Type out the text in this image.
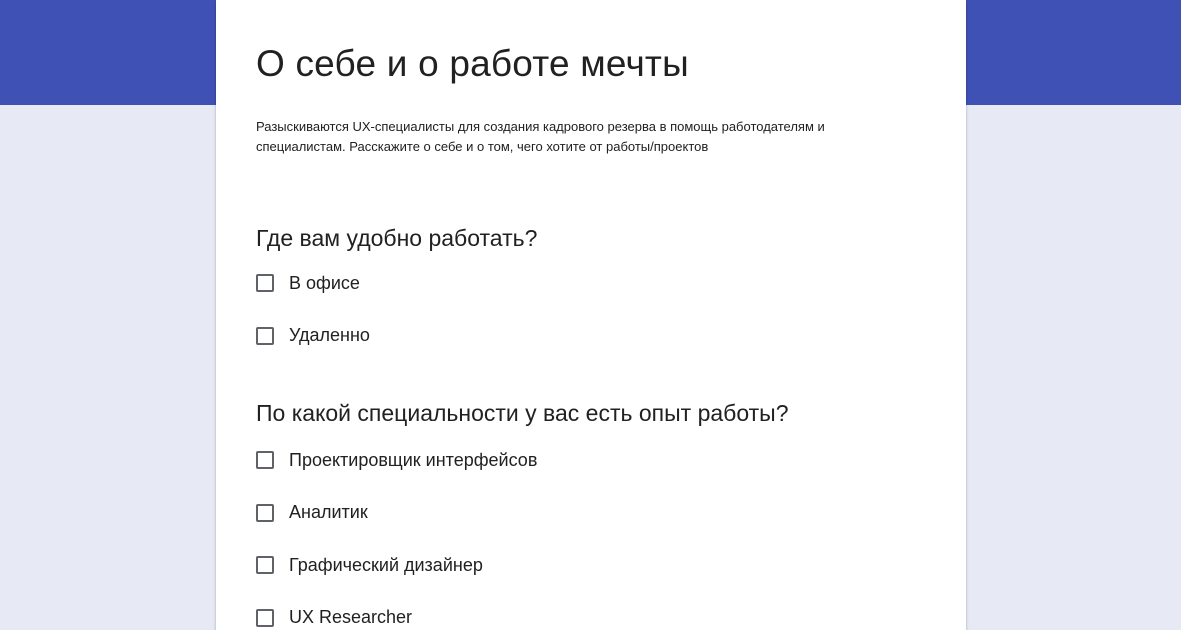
О себе и о работе мечты

Разыскиваются UX-специалисты для создания кадрового резерва в помощь работодателям и специалистам. Расскажите о себе и о том, чего хотите от работы/проектов

Где вам удобно работать?
В офисе
Удаленно
По какой специальности у вас есть опыт работы?
Проектировщик интерфейсов
Аналитик
Графический дизайнер
UX Researcher
